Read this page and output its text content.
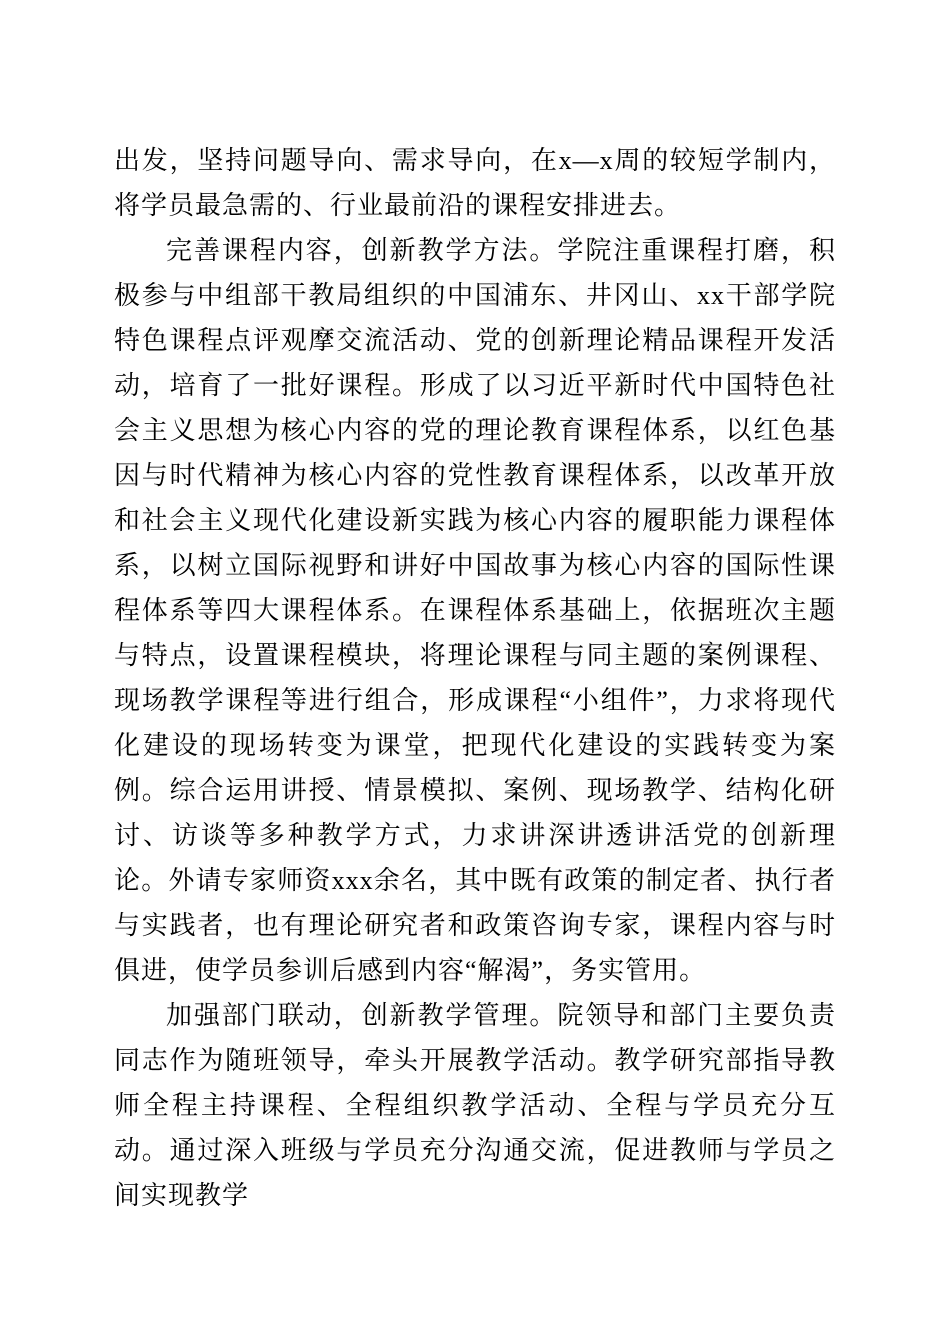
出发，坚持问题导向、需求导向，在x—x周的较短学制内，将学员最急需的、行业最前沿的课程安排进去。

完善课程内容，创新教学方法。学院注重课程打磨，积极参与中组部干教局组织的中国浦东、井冈山、xx干部学院特色课程点评观摩交流活动、党的创新理论精品课程开发活动，培育了一批好课程。形成了以习近平新时代中国特色社会主义思想为核心内容的党的理论教育课程体系，以红色基因与时代精神为核心内容的党性教育课程体系，以改革开放和社会主义现代化建设新实践为核心内容的履职能力课程体系，以树立国际视野和讲好中国故事为核心内容的国际性课程体系等四大课程体系。在课程体系基础上，依据班次主题与特点，设置课程模块，将理论课程与同主题的案例课程、现场教学课程等进行组合，形成课程“小组件”，力求将现代化建设的现场转变为课堂，把现代化建设的实践转变为案例。综合运用讲授、情景模拟、案例、现场教学、结构化研讨、访谈等多种教学方式，力求讲深讲透讲活党的创新理论。外请专家师资xxx余名，其中既有政策的制定者、执行者与实践者，也有理论研究者和政策咨询专家，课程内容与时俱进，使学员参训后感到内容“解渴”，务实管用。

加强部门联动，创新教学管理。院领导和部门主要负责同志作为随班领导，牵头开展教学活动。教学研究部指导教师全程主持课程、全程组织教学活动、全程与学员充分互动。通过深入班级与学员充分沟通交流，促进教师与学员之间实现教学
